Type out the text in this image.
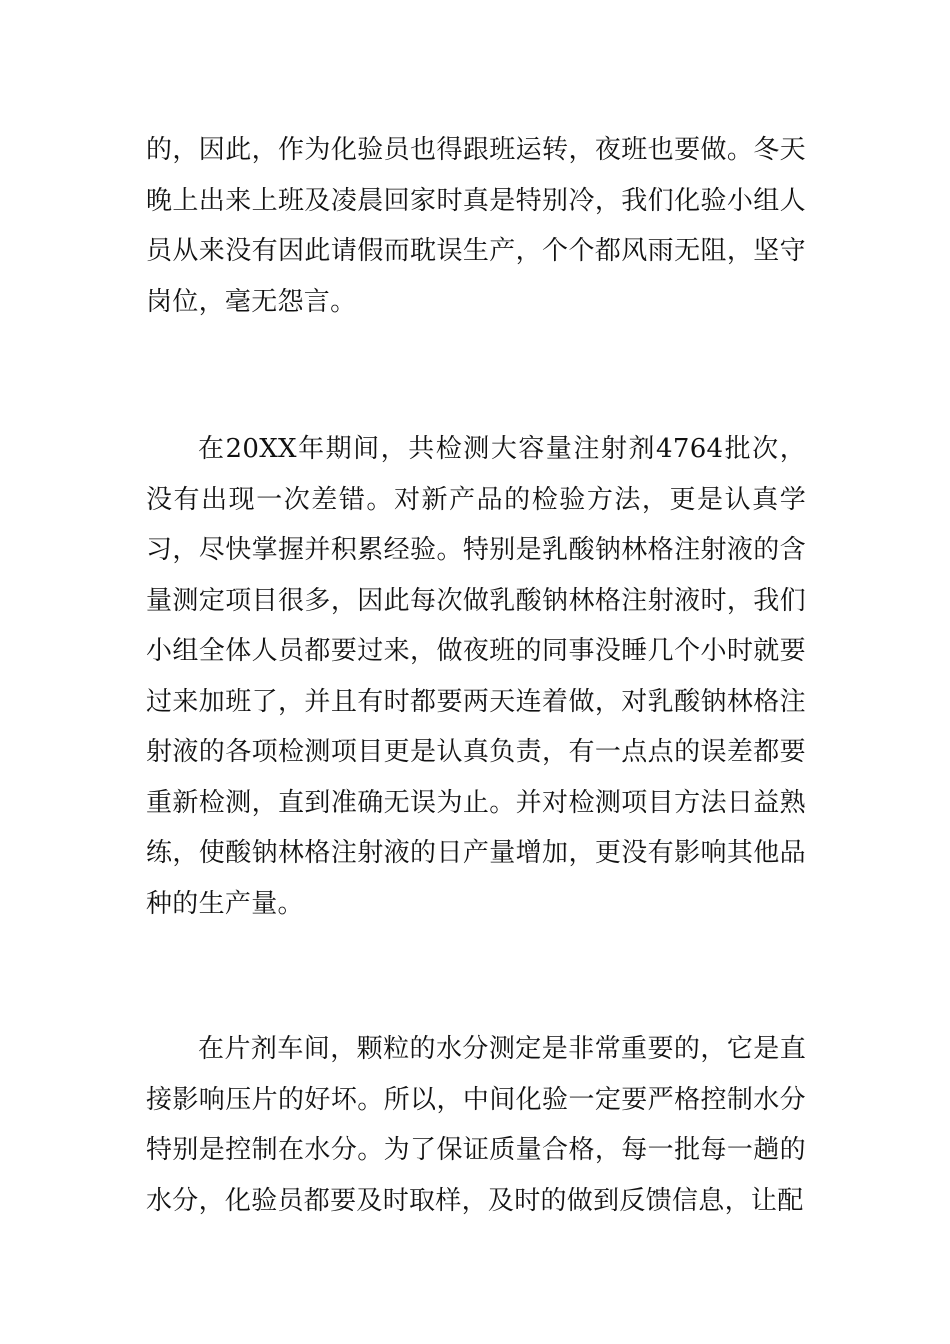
的，因此，作为化验员也得跟班运转，夜班也要做。冬天晚上出来上班及凌晨回家时真是特别冷，我们化验小组人员从来没有因此请假而耽误生产，个个都风雨无阻，坚守岗位，毫无怨言。

在20XX年期间，共检测大容量注射剂4764批次，没有出现一次差错。对新产品的检验方法，更是认真学习，尽快掌握并积累经验。特别是乳酸钠林格注射液的含量测定项目很多，因此每次做乳酸钠林格注射液时，我们小组全体人员都要过来，做夜班的同事没睡几个小时就要过来加班了，并且有时都要两天连着做，对乳酸钠林格注射液的各项检测项目更是认真负责，有一点点的误差都要重新检测，直到准确无误为止。并对检测项目方法日益熟练，使酸钠林格注射液的日产量增加，更没有影响其他品种的生产量。

在片剂车间，颗粒的水分测定是非常重要的，它是直接影响压片的好坏。所以，中间化验一定要严格控制水分特别是控制在水分。为了保证质量合格，每一批每一趟的水分，化验员都要及时取样，及时的做到反馈信息，让配
